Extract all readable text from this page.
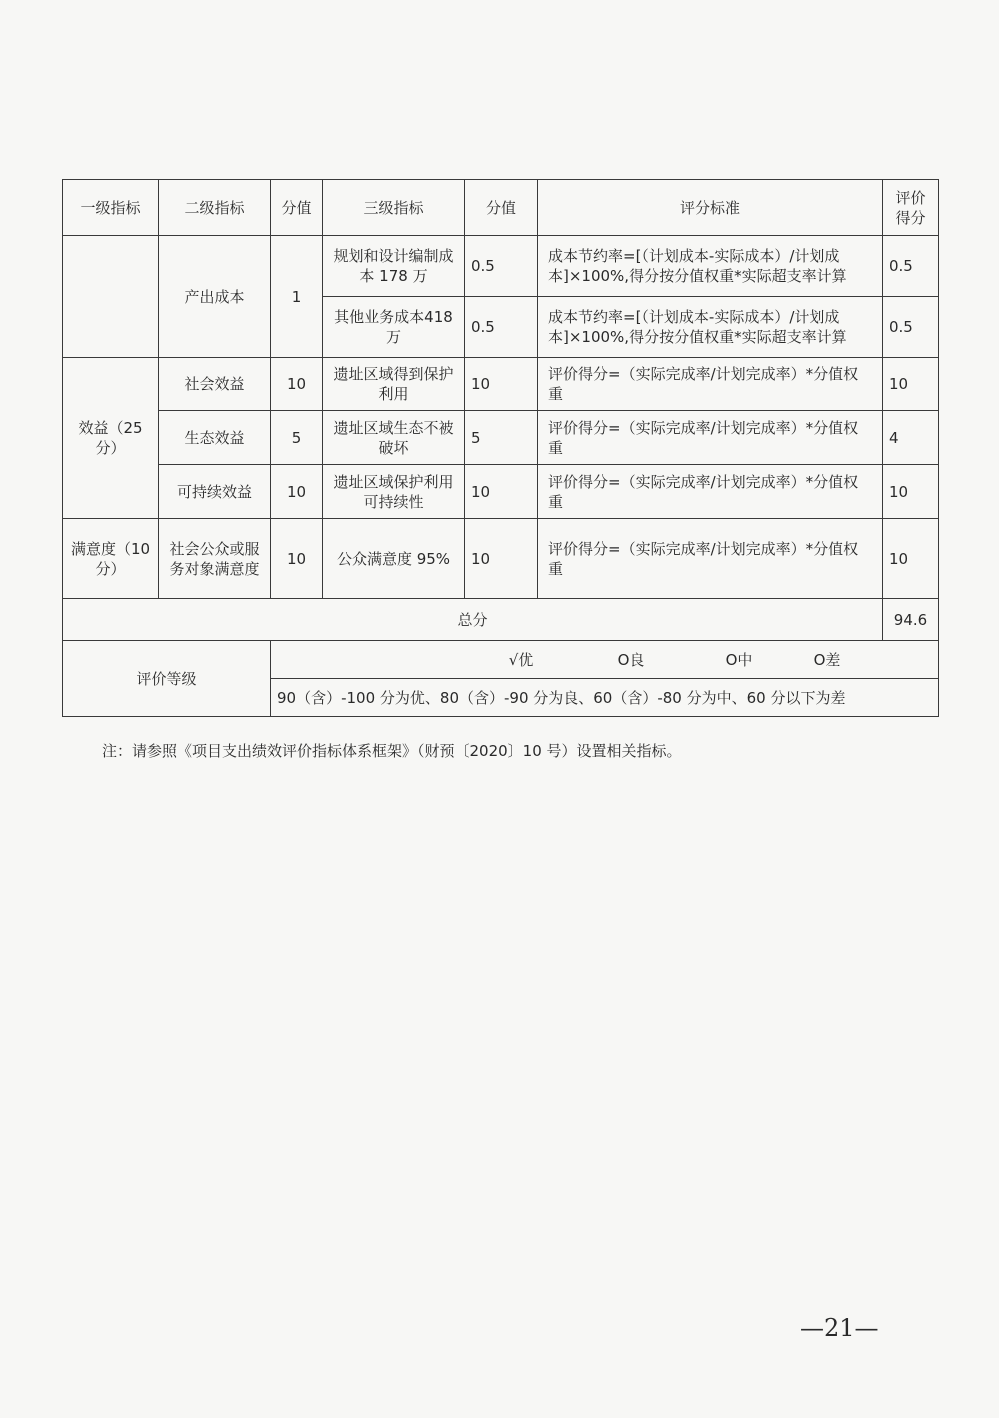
一级指标	二级指标	分值	三级指标	分值	评分标准	评价得分
	产出成本	1	规划和设计编制成本 178 万	0.5	成本节约率=[（计划成本-实际成本）/计划成本]×100%,得分按分值权重*实际超支率计算	0.5
			其他业务成本418 万	0.5	成本节约率=[（计划成本-实际成本）/计划成本]×100%,得分按分值权重*实际超支率计算	0.5
效益（25 分）	社会效益	10	遗址区域得到保护利用	10	评价得分=（实际完成率/计划完成率）*分值权重	10
	生态效益	5	遗址区域生态不被破坏	5	评价得分=（实际完成率/计划完成率）*分值权重	4
	可持续效益	10	遗址区域保护利用可持续性	10	评价得分=（实际完成率/计划完成率）*分值权重	10
满意度（10 分）	社会公众或服务对象满意度	10	公众满意度 95%	10	评价得分=（实际完成率/计划完成率）*分值权重	10
总分						94.6
评价等级		√优 O良 O中 O差				

		90（含）-100 分为优、80（含）-90 分为良、60（含）-80 分为中、60 分以下为差				
注：请参照《项目支出绩效评价指标体系框架》（财预〔2020〕10 号）设置相关指标。
—21—
